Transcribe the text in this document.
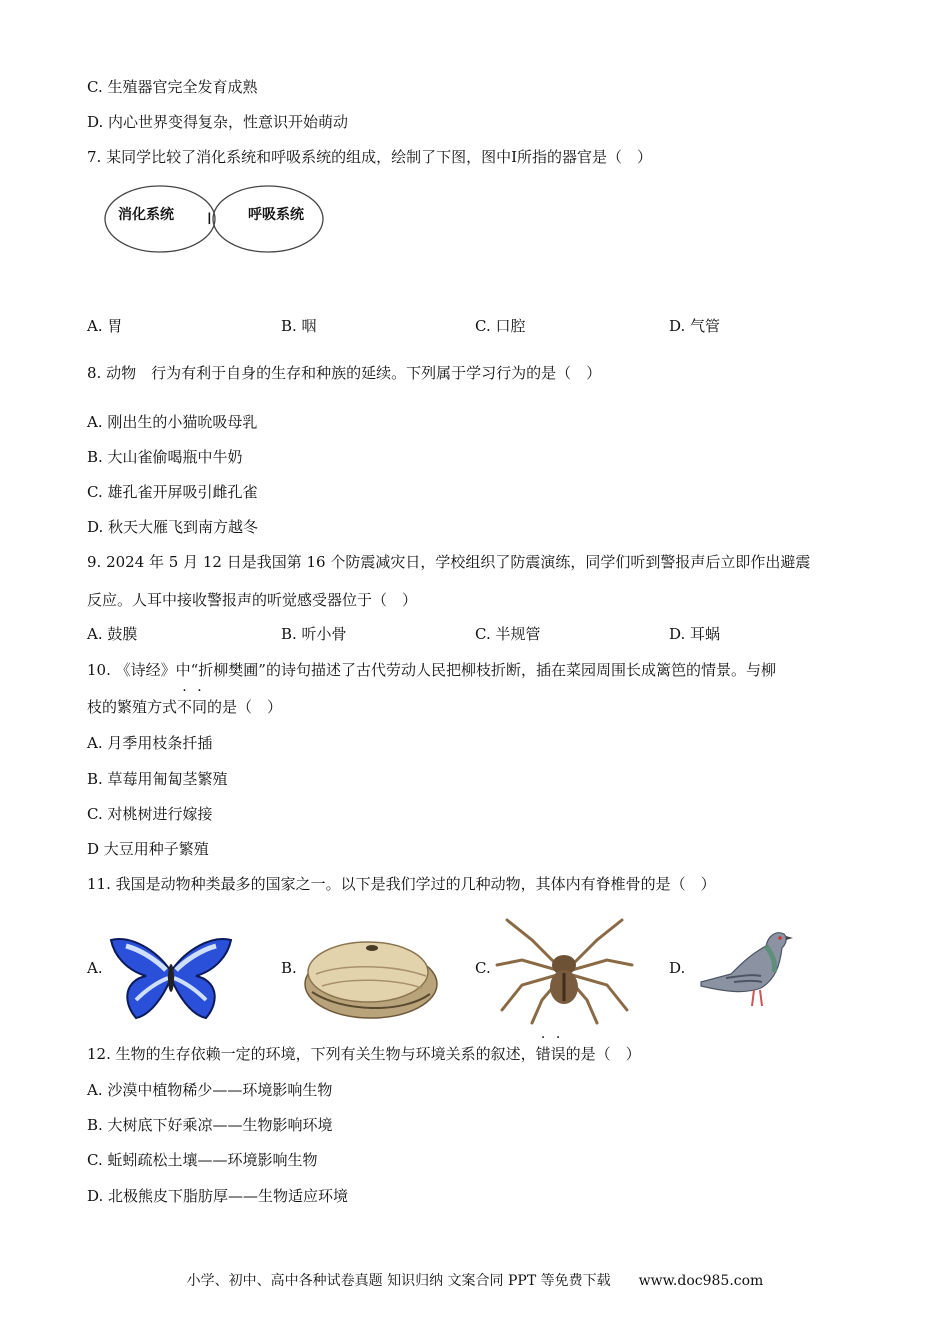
C. 生殖器官完全发育成熟
D. 内心世界变得复杂，性意识开始萌动
7. 某同学比较了消化系统和呼吸系统的组成，绘制了下图，图中Ⅰ所指的器官是（　）
消化系统 Ⅰ	呼吸系统
A. 胃	B. 咽	C. 口腔	D. 气管
8. 动物　行为有利于自身的生存和种族的延续。下列属于学习行为的是（　）
A. 刚出生的小猫吮吸母乳
B. 大山雀偷喝瓶中牛奶
C. 雄孔雀开屏吸引雌孔雀
D. 秋天大雁飞到南方越冬
9. 2024 年 5 月 12 日是我国第 16 个防震减灾日，学校组织了防震演练，同学们听到警报声后立即作出避震
反应。人耳中接收警报声的听觉感受器位于（　）
A. 鼓膜	B. 听小骨	C. 半规管	D. 耳蜗
10. 《诗经》中“折柳樊圃”的诗句描述了古代劳动人民把柳枝折断，插在菜园周围长成篱笆的情景。与柳
枝的繁殖方式不同的是（　）
A. 月季用枝条扦插
B. 草莓用匍匐茎繁殖
C. 对桃树进行嫁接
D 大豆用种子繁殖
11. 我国是动物种类最多的国家之一。以下是我们学过的几种动物，其体内有脊椎骨的是（　）
A.	B.	C.	D.
12. 生物的生存依赖一定的环境，下列有关生物与环境关系的叙述，错误的是（　）
A. 沙漠中植物稀少——环境影响生物
B. 大树底下好乘凉——生物影响环境
C. 蚯蚓疏松土壤——环境影响生物
D. 北极熊皮下脂肪厚——生物适应环境
小学、初中、高中各种试卷真题 知识归纳 文案合同 PPT 等免费下载　　www.doc985.com
